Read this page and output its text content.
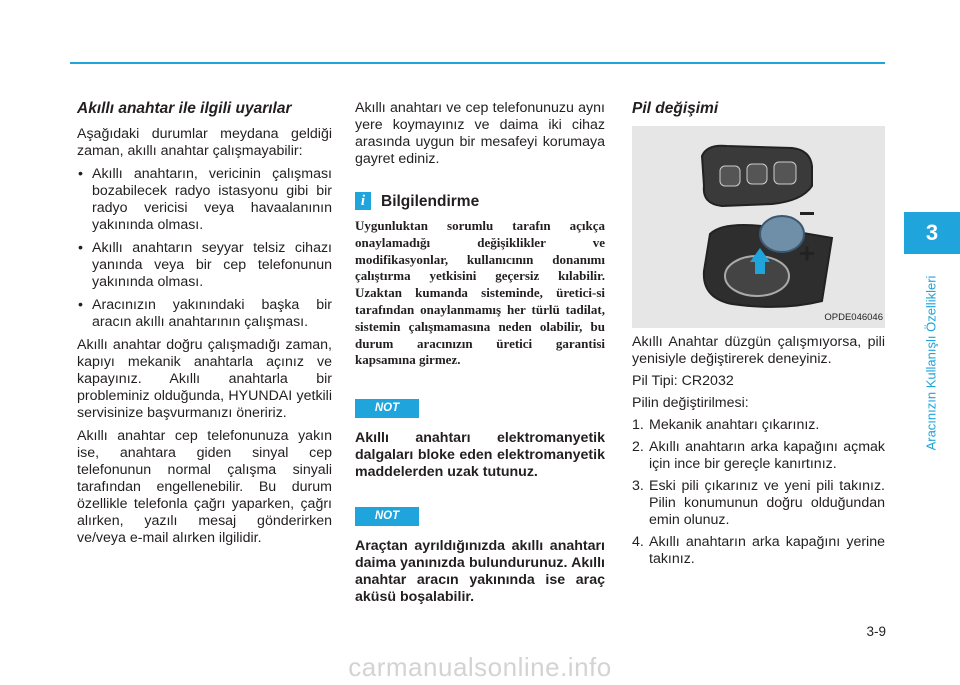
3
Aracınızın Kullanışlı Özellikleri
Akıllı anahtar ile ilgili uyarılar

Aşağıdaki durumlar meydana geldiği zaman, akıllı anahtar çalışmayabilir:

• Akıllı anahtarın, vericinin çalışması bozabilecek radyo istasyonu gibi bir radyo vericisi veya havaalanının yakınında olması.
• Akıllı anahtarın seyyar telsiz cihazı yanında veya bir cep telefonunun yakınında olması.
• Aracınızın yakınındaki başka bir aracın akıllı anahtarının çalışması.

Akıllı anahtar doğru çalışmadığı zaman, kapıyı mekanik anahtarla açınız ve kapayınız. Akıllı anahtarla bir probleminiz olduğunda, HYUNDAI yetkili servisinize başvurmanızı öneririz.

Akıllı anahtar cep telefonunuza yakın ise, anahtara giden sinyal cep telefonunun normal çalışma sinyali tarafından engellenebilir. Bu durum özellikle telefonla çağrı yaparken, çağrı alırken, yazılı mesaj gönderirken ve/veya e-mail alırken ilgilidir.

Akıllı anahtarı ve cep telefonunuzu aynı yere koymayınız ve daima iki cihaz arasında uygun bir mesafeyi korumaya gayret ediniz.

i	Bilgilendirme

Uygunluktan sorumlu tarafın açıkça onaylamadığı değişiklikler ve modifikasyonlar, kullanıcının donanımı çalıştırma yetkisini geçersiz kılabilir. Uzaktan kumanda sisteminde, üretici-si tarafından onaylanmamış her türlü tadilat, sistemin çalışmamasına neden olabilir, bu durum aracınızın üretici garantisi kapsamına girmez.

NOT

Akıllı anahtarı elektromanyetik dalgaları bloke eden elektromanyetik maddelerden uzak tutunuz.

NOT

Araçtan ayrıldığınızda akıllı anahtarı daima yanınızda bulundurunuz. Akıllı anahtar aracın yakınında ise araç aküsü boşalabilir.

Pil değişimi
OPDE046046

Akıllı Anahtar düzgün çalışmıyorsa, pili yenisiyle değiştirerek deneyiniz.

Pil Tipi: CR2032

Pilin değiştirilmesi:

1. Mekanik anahtarı çıkarınız.
2. Akıllı anahtarın arka kapağını açmak için ince bir gereçle kanırtınız.
3. Eski pili çıkarınız ve yeni pili takınız. Pilin konumunun doğru olduğundan emin olunuz.
4. Akıllı anahtarın arka kapağını yerine takınız.
3-9
carmanualsonline.info
